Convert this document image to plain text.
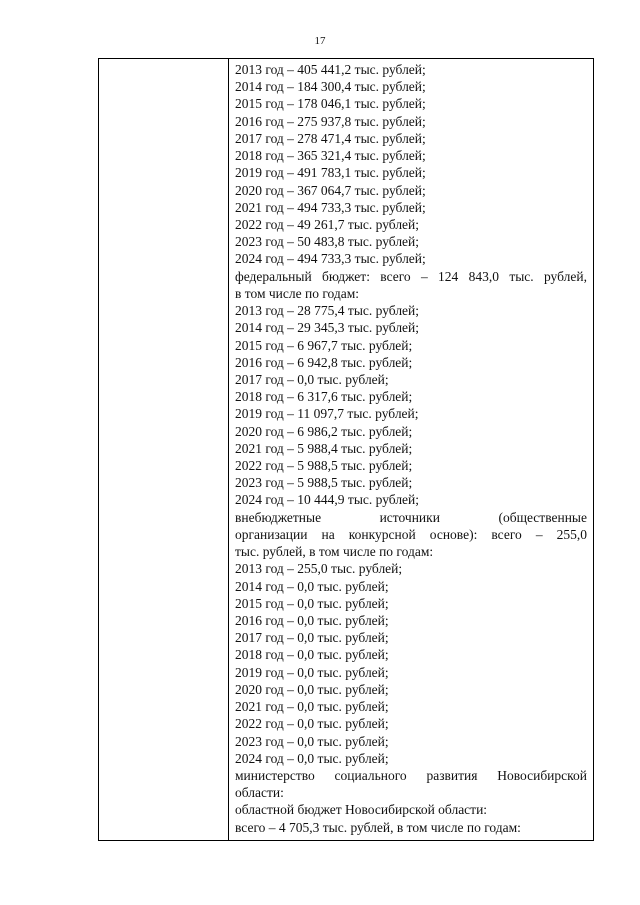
17
2013 год – 405 441,2 тыс. рублей;
2014 год – 184 300,4 тыс. рублей;
2015 год – 178 046,1 тыс. рублей;
2016 год – 275 937,8 тыс. рублей;
2017 год – 278 471,4 тыс. рублей;
2018 год – 365 321,4 тыс. рублей;
2019 год – 491 783,1 тыс. рублей;
2020 год – 367 064,7 тыс. рублей;
2021 год – 494 733,3 тыс. рублей;
2022 год – 49 261,7 тыс. рублей;
2023 год – 50 483,8 тыс. рублей;
2024 год – 494 733,3 тыс. рублей;
федеральный бюджет: всего – 124 843,0 тыс. рублей,
в том числе по годам:
2013 год – 28 775,4 тыс. рублей;
2014 год – 29 345,3 тыс. рублей;
2015 год – 6 967,7 тыс. рублей;
2016 год – 6 942,8 тыс. рублей;
2017 год – 0,0 тыс. рублей;
2018 год – 6 317,6 тыс. рублей;
2019 год – 11 097,7 тыс. рублей;
2020 год – 6 986,2 тыс. рублей;
2021 год – 5 988,4 тыс. рублей;
2022 год – 5 988,5 тыс. рублей;
2023 год – 5 988,5 тыс. рублей;
2024 год – 10 444,9 тыс. рублей;
внебюджетные источники (общественные
организации на конкурсной основе): всего – 255,0
тыс. рублей, в том числе по годам:
2013 год – 255,0 тыс. рублей;
2014 год – 0,0 тыс. рублей;
2015 год – 0,0 тыс. рублей;
2016 год – 0,0 тыс. рублей;
2017 год – 0,0 тыс. рублей;
2018 год – 0,0 тыс. рублей;
2019 год – 0,0 тыс. рублей;
2020 год – 0,0 тыс. рублей;
2021 год – 0,0 тыс. рублей;
2022 год – 0,0 тыс. рублей;
2023 год – 0,0 тыс. рублей;
2024 год – 0,0 тыс. рублей;
министерство социального развития Новосибирской
области:
областной бюджет Новосибирской области:
всего – 4 705,3 тыс. рублей, в том числе по годам:
